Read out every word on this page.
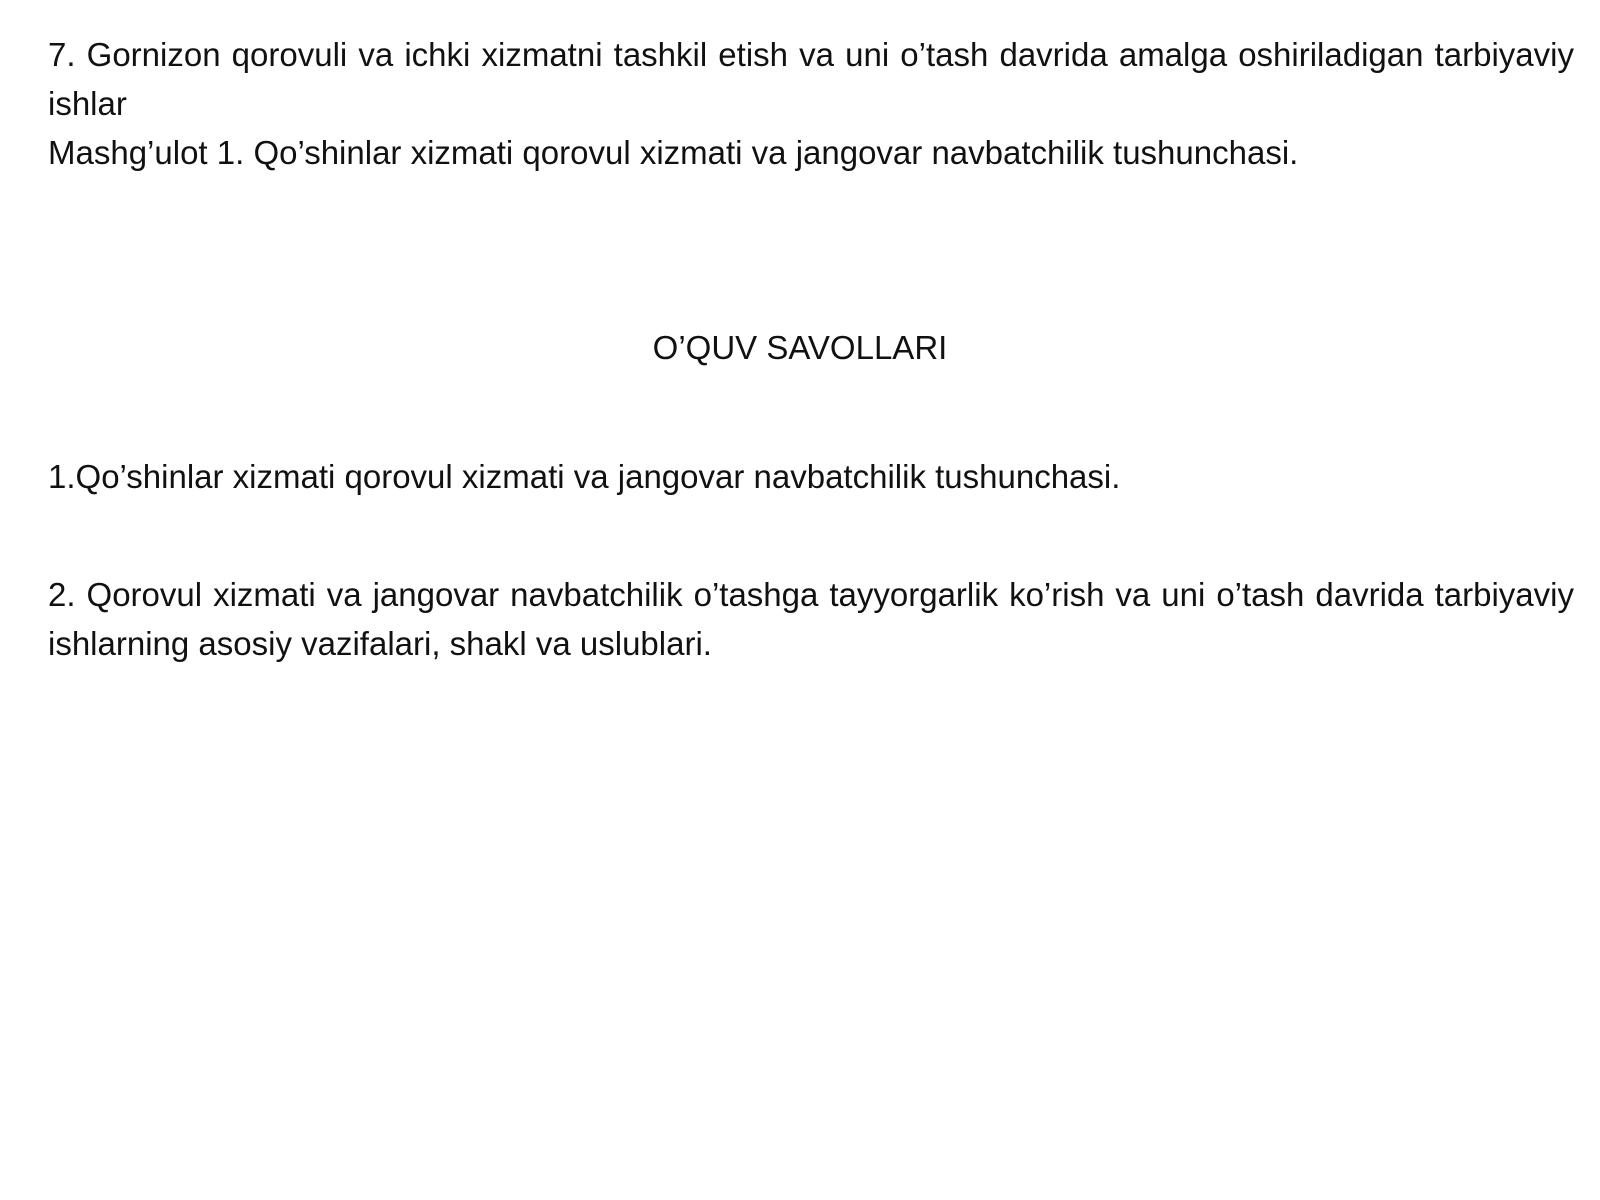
7. Gornizon qorovuli va ichki xizmatni tashkil etish va uni o’tash davrida amalga oshiriladigan tarbiyaviy ishlar
Mashg’ulot 1. Qo’shinlar xizmati qorovul xizmati va jangovar navbatchilik tushunchasi.
O’QUV SAVOLLARI

1.Qo’shinlar xizmati qorovul xizmati va jangovar navbatchilik tushunchasi.

2. Qorovul xizmati va jangovar navbatchilik o’tashga tayyorgarlik ko’rish va uni o’tash davrida tarbiyaviy ishlarning asosiy vazifalari, shakl va uslublari.
